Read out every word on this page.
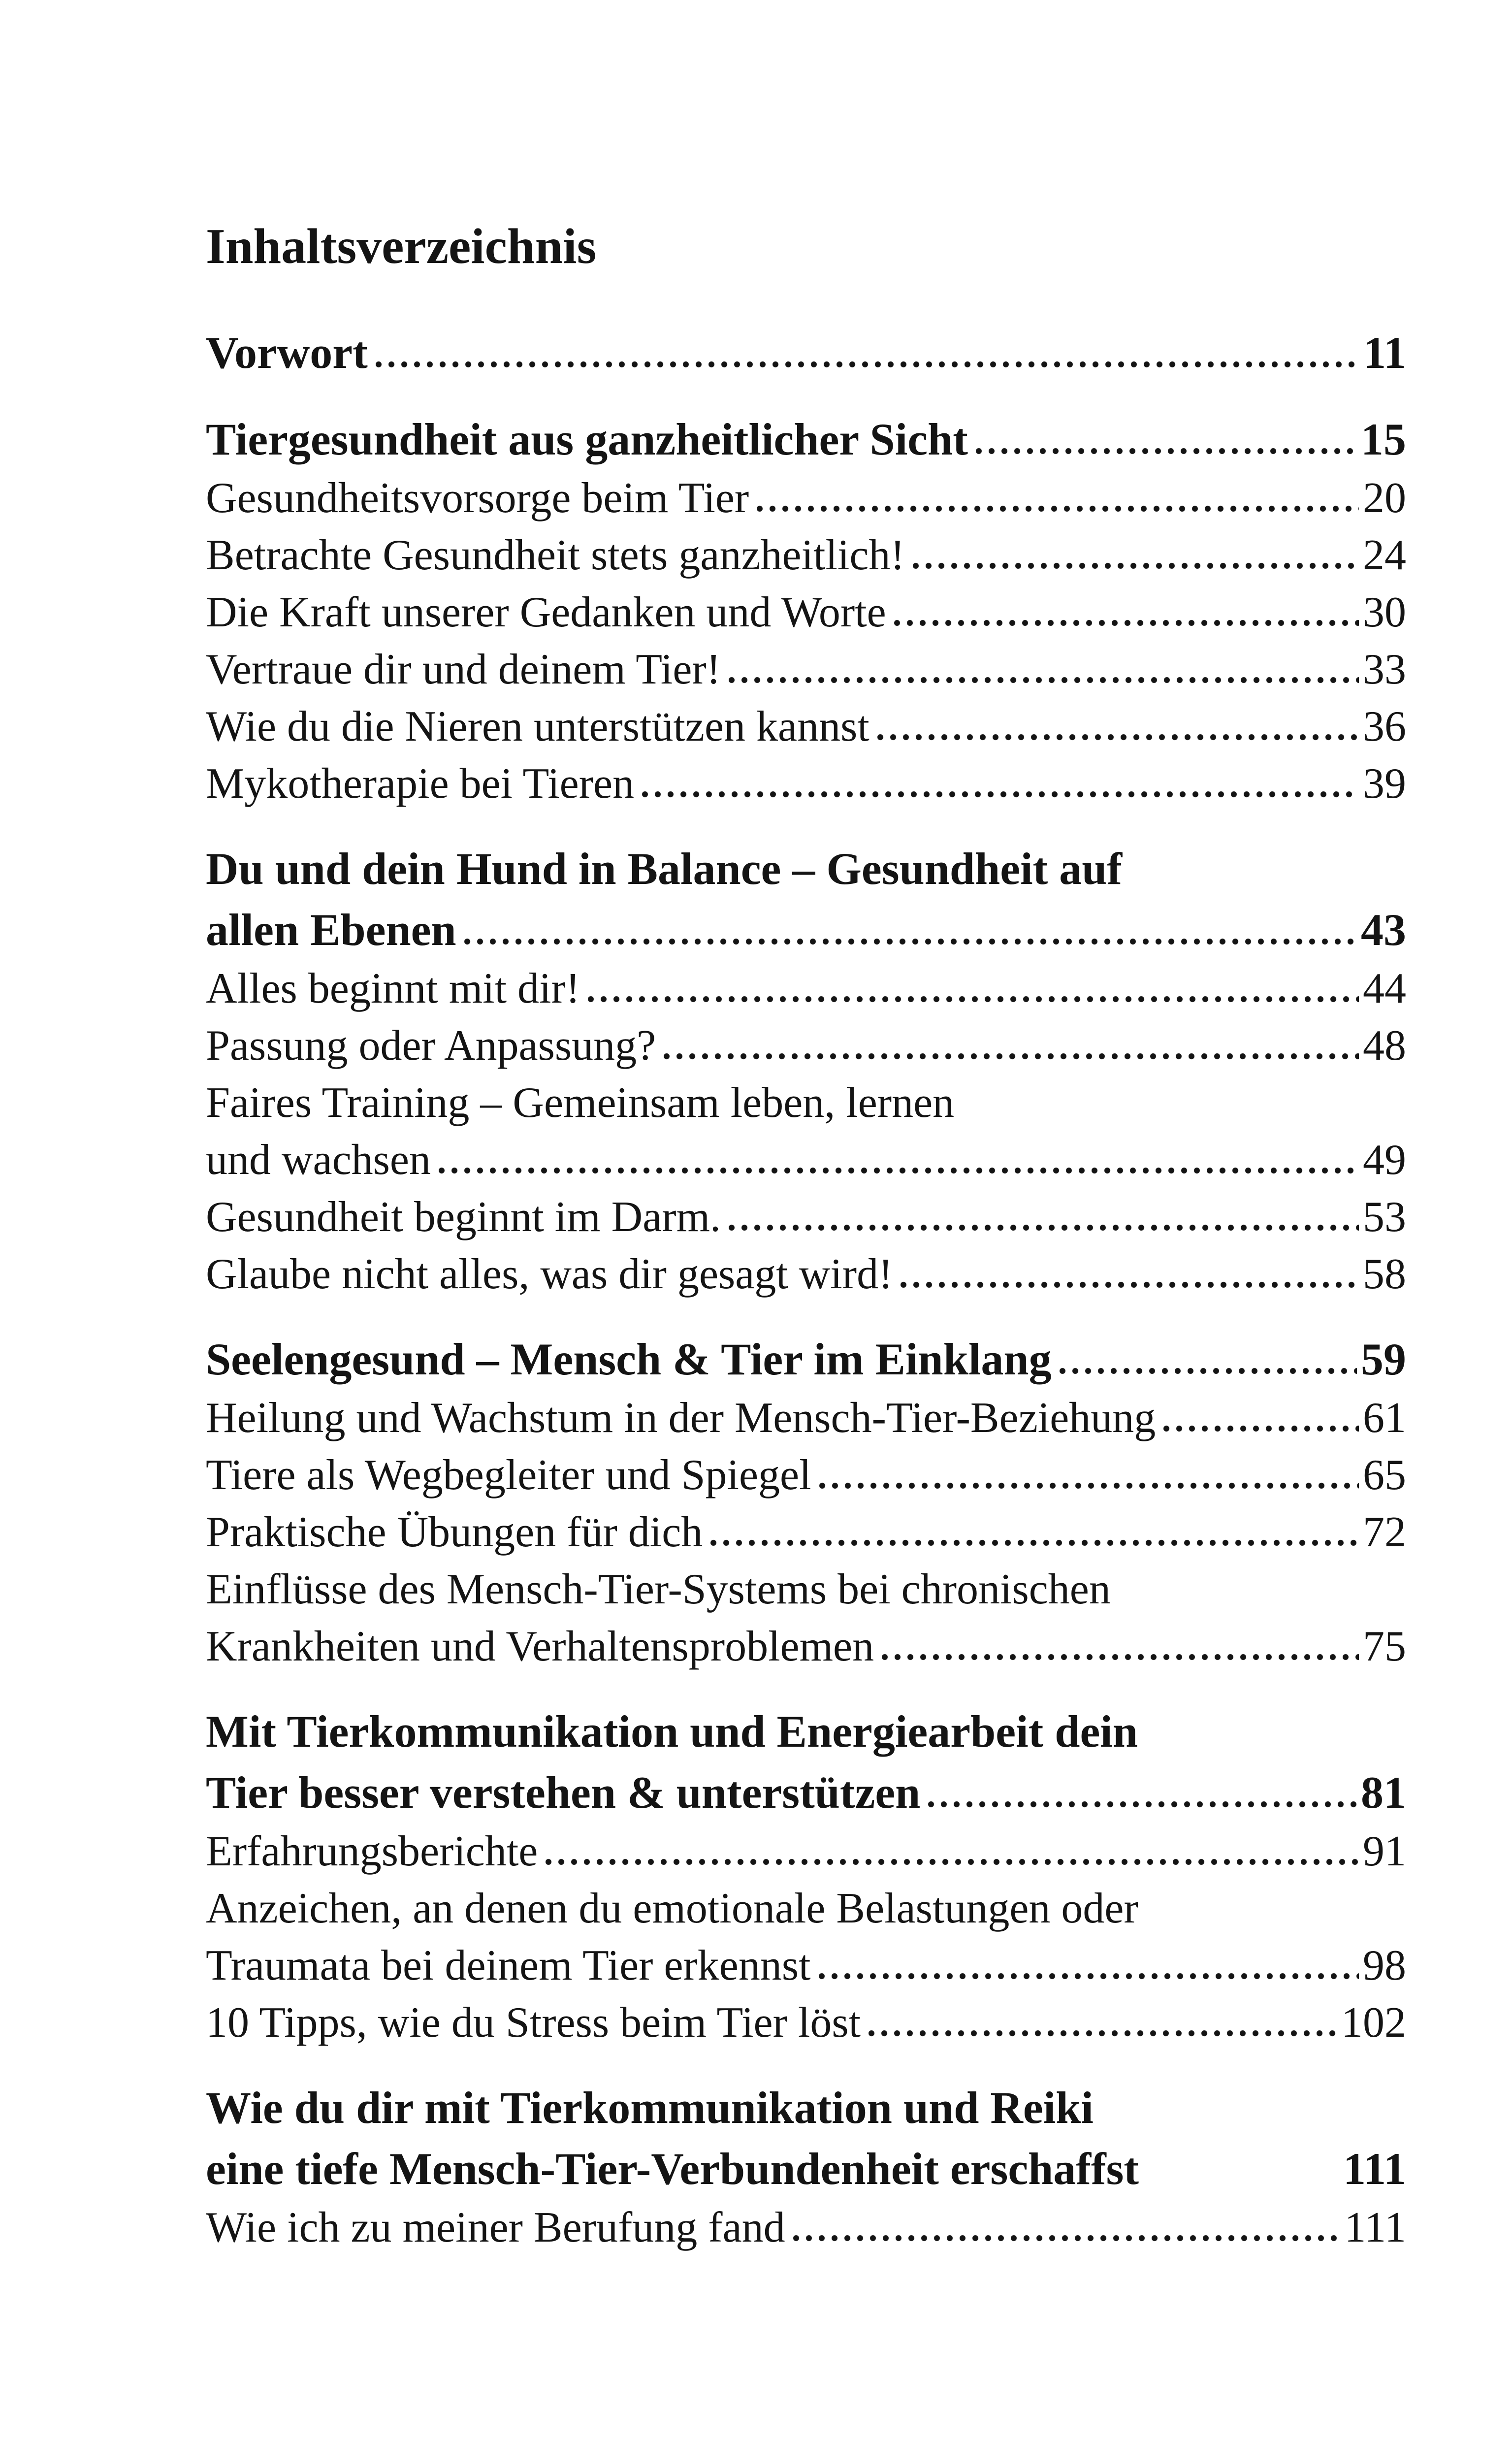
Inhaltsverzeichnis
Vorwort	11
Tiergesundheit aus ganzheitlicher Sicht	15
Gesundheitsvorsorge beim Tier	20
Betrachte Gesundheit stets ganzheitlich!	24
Die Kraft unserer Gedanken und Worte	30
Vertraue dir und deinem Tier!	33
Wie du die Nieren unterstützen kannst	36
Mykotherapie bei Tieren	39
Du und dein Hund in Balance – Gesundheit auf
allen Ebenen	43
Alles beginnt mit dir!	44
Passung oder Anpassung?	48
Faires Training – Gemeinsam leben, lernen
und wachsen	49
Gesundheit beginnt im Darm.	53
Glaube nicht alles, was dir gesagt wird!	58
Seelengesund – Mensch & Tier im Einklang	59
Heilung und Wachstum in der Mensch-Tier-Beziehung	61
Tiere als Wegbegleiter und Spiegel	65
Praktische Übungen für dich	72
Einflüsse des Mensch-Tier-Systems bei chronischen
Krankheiten und Verhaltensproblemen	75
Mit Tierkommunikation und Energiearbeit dein
Tier besser verstehen & unterstützen	81
Erfahrungsberichte	91
Anzeichen, an denen du emotionale Belastungen oder
Traumata bei deinem Tier erkennst	98
10 Tipps, wie du Stress beim Tier löst	102
Wie du dir mit Tierkommunikation und Reiki
eine tiefe Mensch-Tier-Verbundenheit erschaffst	111
Wie ich zu meiner Berufung fand	111
